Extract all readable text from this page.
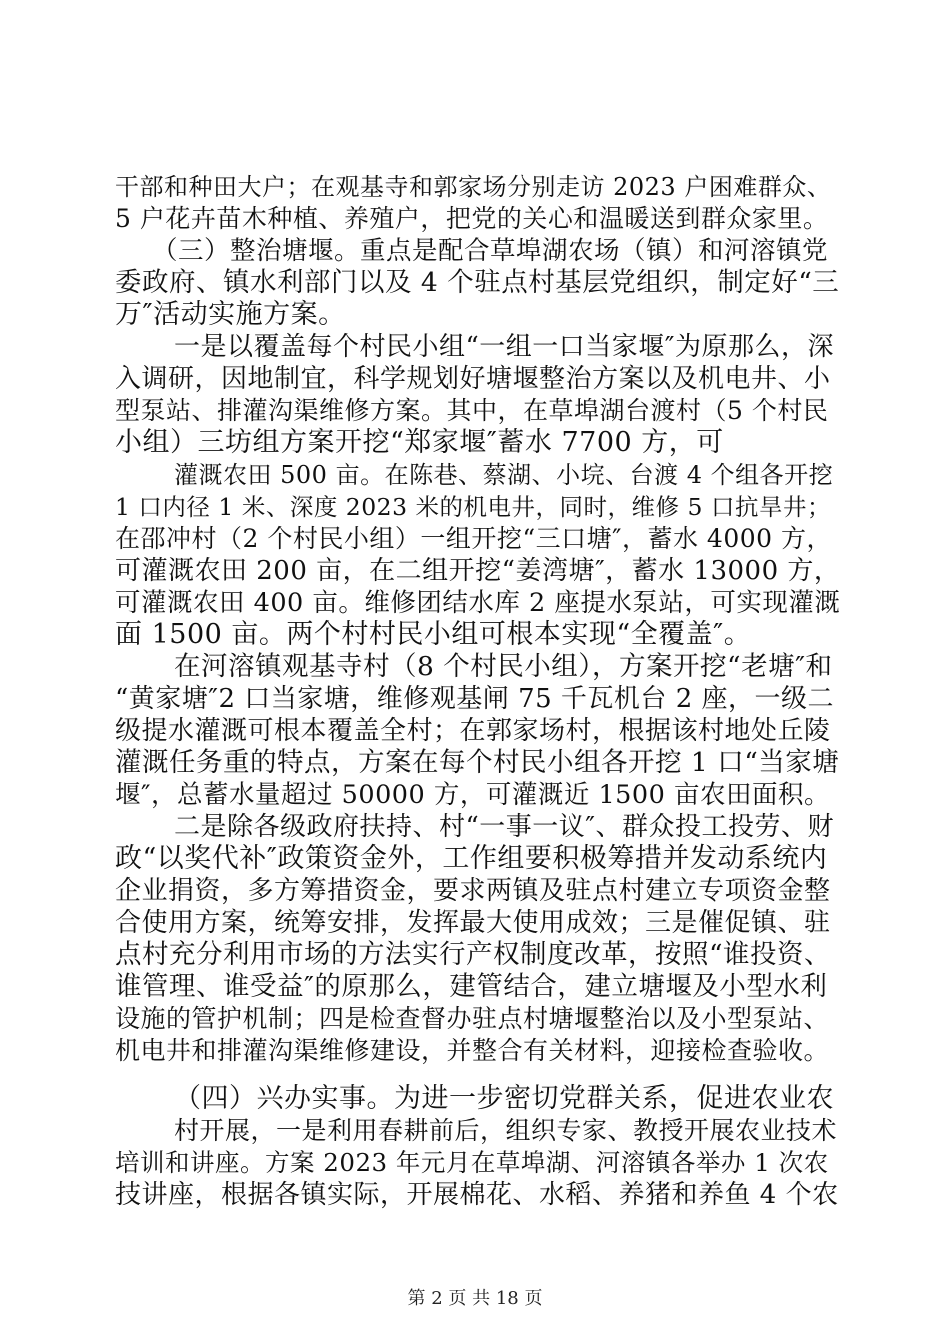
干部和种田大户；在观基寺和郭家场分别走访 2023 户困难群众、
5 户花卉苗木种植、养殖户，把党的关心和温暖送到群众家里。
（三）整治塘堰。重点是配合草埠湖农场（镇）和河溶镇党
委政府、镇水利部门以及 4 个驻点村基层党组织，制定好“三
万″活动实施方案。
一是以覆盖每个村民小组“一组一口当家堰″为原那么，深
入调研，因地制宜，科学规划好塘堰整治方案以及机电井、小
型泵站、排灌沟渠维修方案。其中，在草埠湖台渡村（5 个村民
小组）三坊组方案开挖“郑家堰″蓄水 7700 方，可
灌溉农田 500 亩。在陈巷、蔡湖、小垸、台渡 4 个组各开挖
1 口内径 1 米、深度 2023 米的机电井，同时，维修 5 口抗旱井；
在邵冲村（2 个村民小组）一组开挖“三口塘″，蓄水 4000 方，
可灌溉农田 200 亩，在二组开挖“姜湾塘″，蓄水 13000 方，
可灌溉农田 400 亩。维修团结水库 2 座提水泵站，可实现灌溉
面 1500 亩。两个村村民小组可根本实现“全覆盖″。
在河溶镇观基寺村（8 个村民小组），方案开挖“老塘″和
“黄家塘″2 口当家塘，维修观基闸 75 千瓦机台 2 座，一级二
级提水灌溉可根本覆盖全村；在郭家场村，根据该村地处丘陵
灌溉任务重的特点，方案在每个村民小组各开挖 1 口“当家塘
堰″，总蓄水量超过 50000 方，可灌溉近 1500 亩农田面积。
二是除各级政府扶持、村“一事一议″、群众投工投劳、财
政“以奖代补″政策资金外，工作组要积极筹措并发动系统内
企业捐资，多方筹措资金，要求两镇及驻点村建立专项资金整
合使用方案，统筹安排，发挥最大使用成效；三是催促镇、驻
点村充分利用市场的方法实行产权制度改革，按照“谁投资、
谁管理、谁受益″的原那么，建管结合，建立塘堰及小型水利
设施的管护机制；四是检查督办驻点村塘堰整治以及小型泵站、
机电井和排灌沟渠维修建设，并整合有关材料，迎接检查验收。
（四）兴办实事。为进一步密切党群关系，促进农业农
村开展，一是利用春耕前后，组织专家、教授开展农业技术
培训和讲座。方案 2023 年元月在草埠湖、河溶镇各举办 1 次农
技讲座，根据各镇实际，开展棉花、水稻、养猪和养鱼 4 个农
第 2 页 共 18 页
